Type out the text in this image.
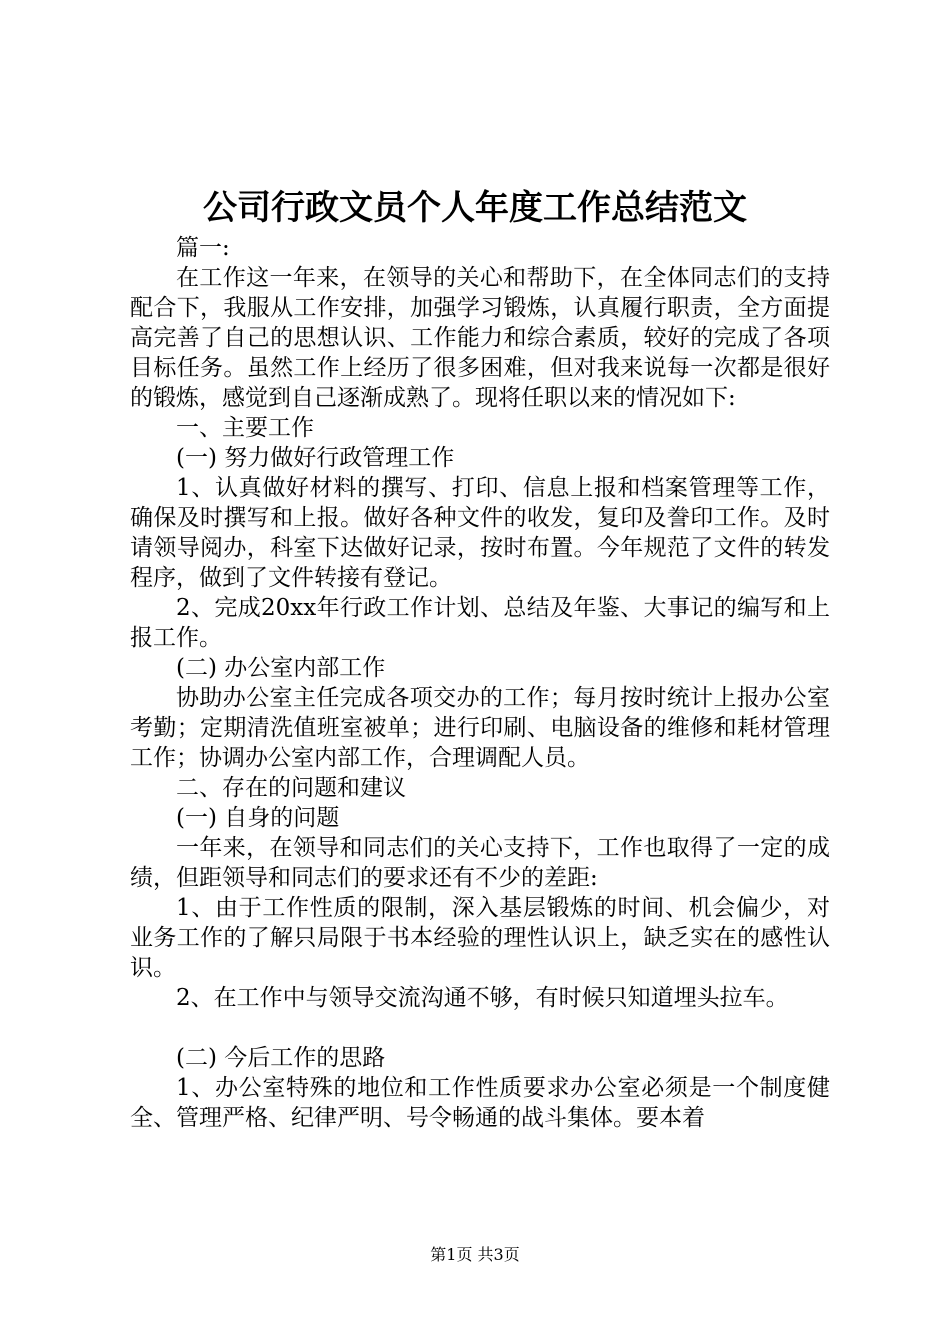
公司行政文员个人年度工作总结范文

篇一:

在工作这一年来，在领导的关心和帮助下，在全体同志们的支持配合下，我服从工作安排，加强学习锻炼，认真履行职责，全方面提高完善了自己的思想认识、工作能力和综合素质，较好的完成了各项目标任务。虽然工作上经历了很多困难，但对我来说每一次都是很好的锻炼，感觉到自己逐渐成熟了。现将任职以来的情况如下:

一、主要工作

(一) 努力做好行政管理工作

1、认真做好材料的撰写、打印、信息上报和档案管理等工作，确保及时撰写和上报。做好各种文件的收发，复印及誊印工作。及时请领导阅办，科室下达做好记录，按时布置。今年规范了文件的转发程序，做到了文件转接有登记。

2、完成20xx年行政工作计划、总结及年鉴、大事记的编写和上报工作。

(二) 办公室内部工作

协助办公室主任完成各项交办的工作；每月按时统计上报办公室考勤；定期清洗值班室被单；进行印刷、电脑设备的维修和耗材管理工作；协调办公室内部工作，合理调配人员。

二、存在的问题和建议

(一) 自身的问题

一年来，在领导和同志们的关心支持下，工作也取得了一定的成绩，但距领导和同志们的要求还有不少的差距:

1、由于工作性质的限制，深入基层锻炼的时间、机会偏少，对业务工作的了解只局限于书本经验的理性认识上，缺乏实在的感性认识。

2、在工作中与领导交流沟通不够，有时候只知道埋头拉车。

(二) 今后工作的思路

1、办公室特殊的地位和工作性质要求办公室必须是一个制度健全、管理严格、纪律严明、号令畅通的战斗集体。要本着

第1页 共3页
